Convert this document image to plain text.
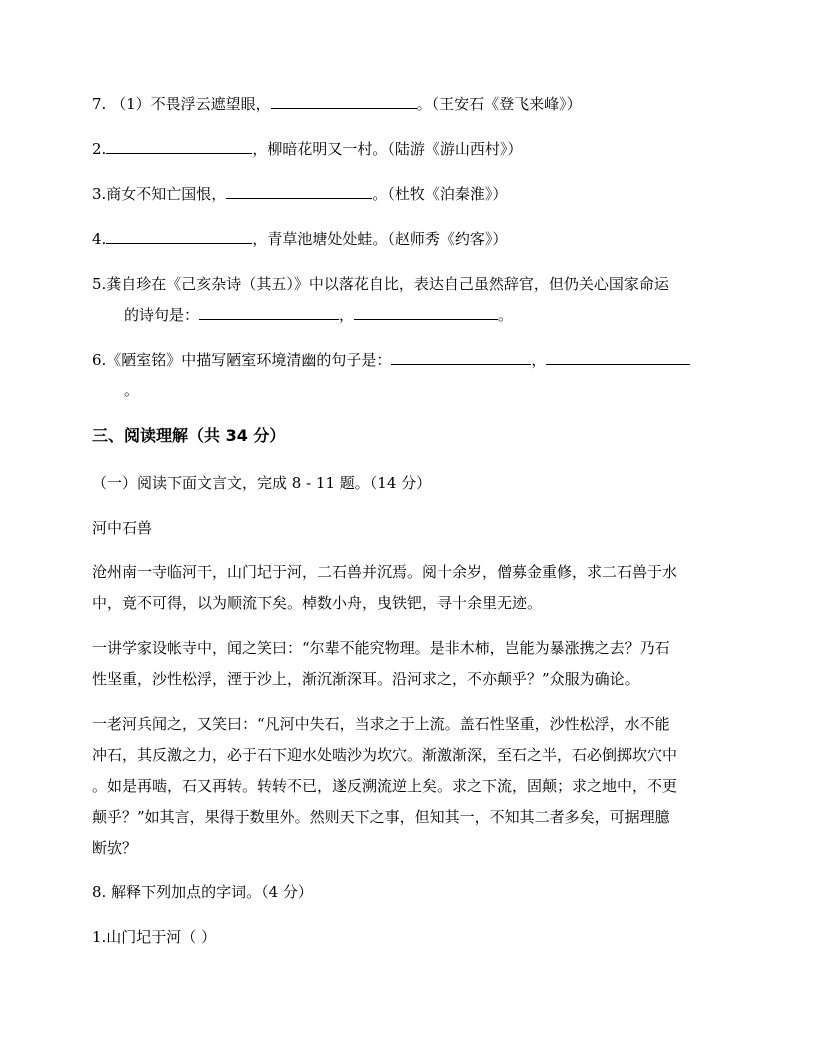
7. （1）不畏浮云遮望眼，	。（王安石《登飞来峰》）
2.	，柳暗花明又一村。（陆游《游山西村》）
3.商女不知亡国恨，	。（杜牧《泊秦淮》）
4.	，青草池塘处处蛙。（赵师秀《约客》）
5.龚自珍在《己亥杂诗（其五）》中以落花自比，表达自己虽然辞官，但仍关心国家命运
的诗句是：	，	。
6.《陋室铭》中描写陋室环境清幽的句子是：	，
。
三、阅读理解（共 34 分）
（一）阅读下面文言文，完成 8 - 11 题。（14 分）
河中石兽
沧州南一寺临河干，山门圮于河，二石兽并沉焉。阅十余岁，僧募金重修，求二石兽于水
中，竟不可得，以为顺流下矣。棹数小舟，曳铁钯，寻十余里无迹。
一讲学家设帐寺中，闻之笑曰：“尔辈不能究物理。是非木柿，岂能为暴涨携之去？乃石
性坚重，沙性松浮，湮于沙上，渐沉渐深耳。沿河求之，不亦颠乎？”众服为确论。
一老河兵闻之，又笑曰：“凡河中失石，当求之于上流。盖石性坚重，沙性松浮，水不能
冲石，其反激之力，必于石下迎水处啮沙为坎穴。渐激渐深，至石之半，石必倒掷坎穴中
。如是再啮，石又再转。转转不已，遂反溯流逆上矣。求之下流，固颠；求之地中，不更
颠乎？”如其言，果得于数里外。然则天下之事，但知其一，不知其二者多矣，可据理臆
断欤？
8. 解释下列加点的字词。（4 分）
1.山门圮于河（ ）
